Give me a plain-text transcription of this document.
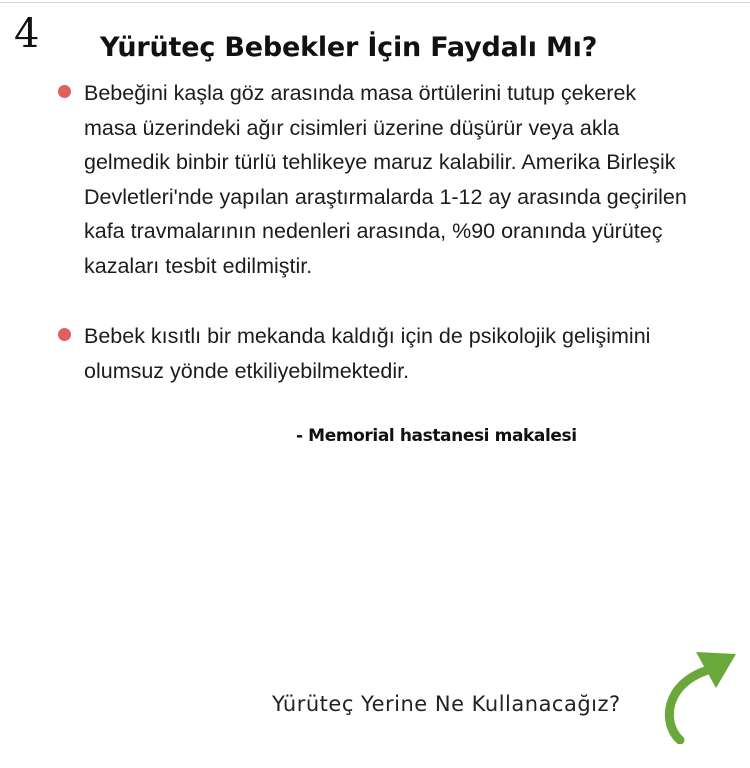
4 Yürüteç Bebekler İçin Faydalı Mı?
Bebeğini kaşla göz arasında masa örtülerini tutup çekerek masa üzerindeki ağır cisimleri üzerine düşürür veya akla gelmedik binbir türlü tehlikeye maruz kalabilir. Amerika Birleşik Devletleri'nde yapılan araştırmalarda 1-12 ay arasında geçirilen kafa travmalarının nedenleri arasında, %90 oranında yürüteç kazaları tesbit edilmiştir.
Bebek kısıtlı bir mekanda kaldığı için de psikolojik gelişimini olumsuz yönde etkiliyebilmektedir.
- Memorial hastanesi makalesi
Yürüteç Yerine Ne Kullanacağız?
